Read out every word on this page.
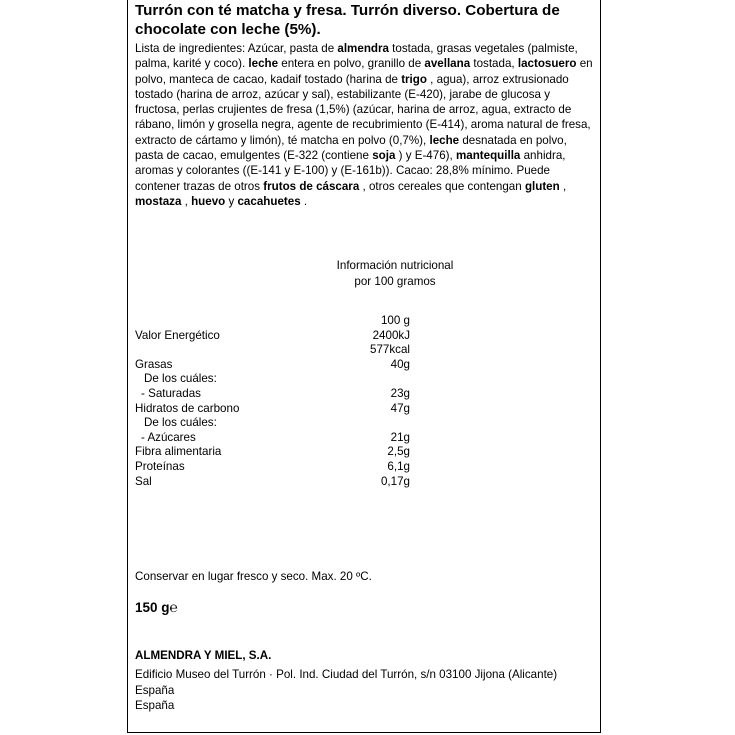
Turrón con té matcha y fresa. Turrón diverso. Cobertura de chocolate con leche (5%).
Lista de ingredientes: Azúcar, pasta de almendra tostada, grasas vegetales (palmiste, palma, karité y coco). leche entera en polvo, granillo de avellana tostada, lactosuero en polvo, manteca de cacao, kadaif tostado (harina de trigo , agua), arroz extrusionado tostado (harina de arroz, azúcar y sal), estabilizante (E-420), jarabe de glucosa y fructosa, perlas crujientes de fresa (1,5%) (azúcar, harina de arroz, agua, extracto de rábano, limón y grosella negra, agente de recubrimiento (E-414), aroma natural de fresa, extracto de cártamo y limón), té matcha en polvo (0,7%), leche desnatada en polvo, pasta de cacao, emulgentes (E-322 (contiene soja ) y E-476), mantequilla anhidra, aromas y colorantes ((E-141 y E-100) y (E-161b)). Cacao: 28,8% mínimo. Puede contener trazas de otros frutos de cáscara , otros cereales que contengan gluten , mostaza , huevo y cacahuetes .
Información nutricional
por 100 gramos
100 g
Valor Energético	2400kJ
577kcal
Grasas	40g
De los cuáles:
- Saturadas	23g
Hidratos de carbono	47g
De los cuáles:
- Azúcares	21g
Fibra alimentaria	2,5g
Proteínas	6,1g
Sal	0,17g
Conservar en lugar fresco y seco. Max. 20 ºC.
150 g℮
ALMENDRA Y MIEL, S.A.
Edificio Museo del Turrón · Pol. Ind. Ciudad del Turrón, s/n 03100 Jijona (Alicante)
España
España
